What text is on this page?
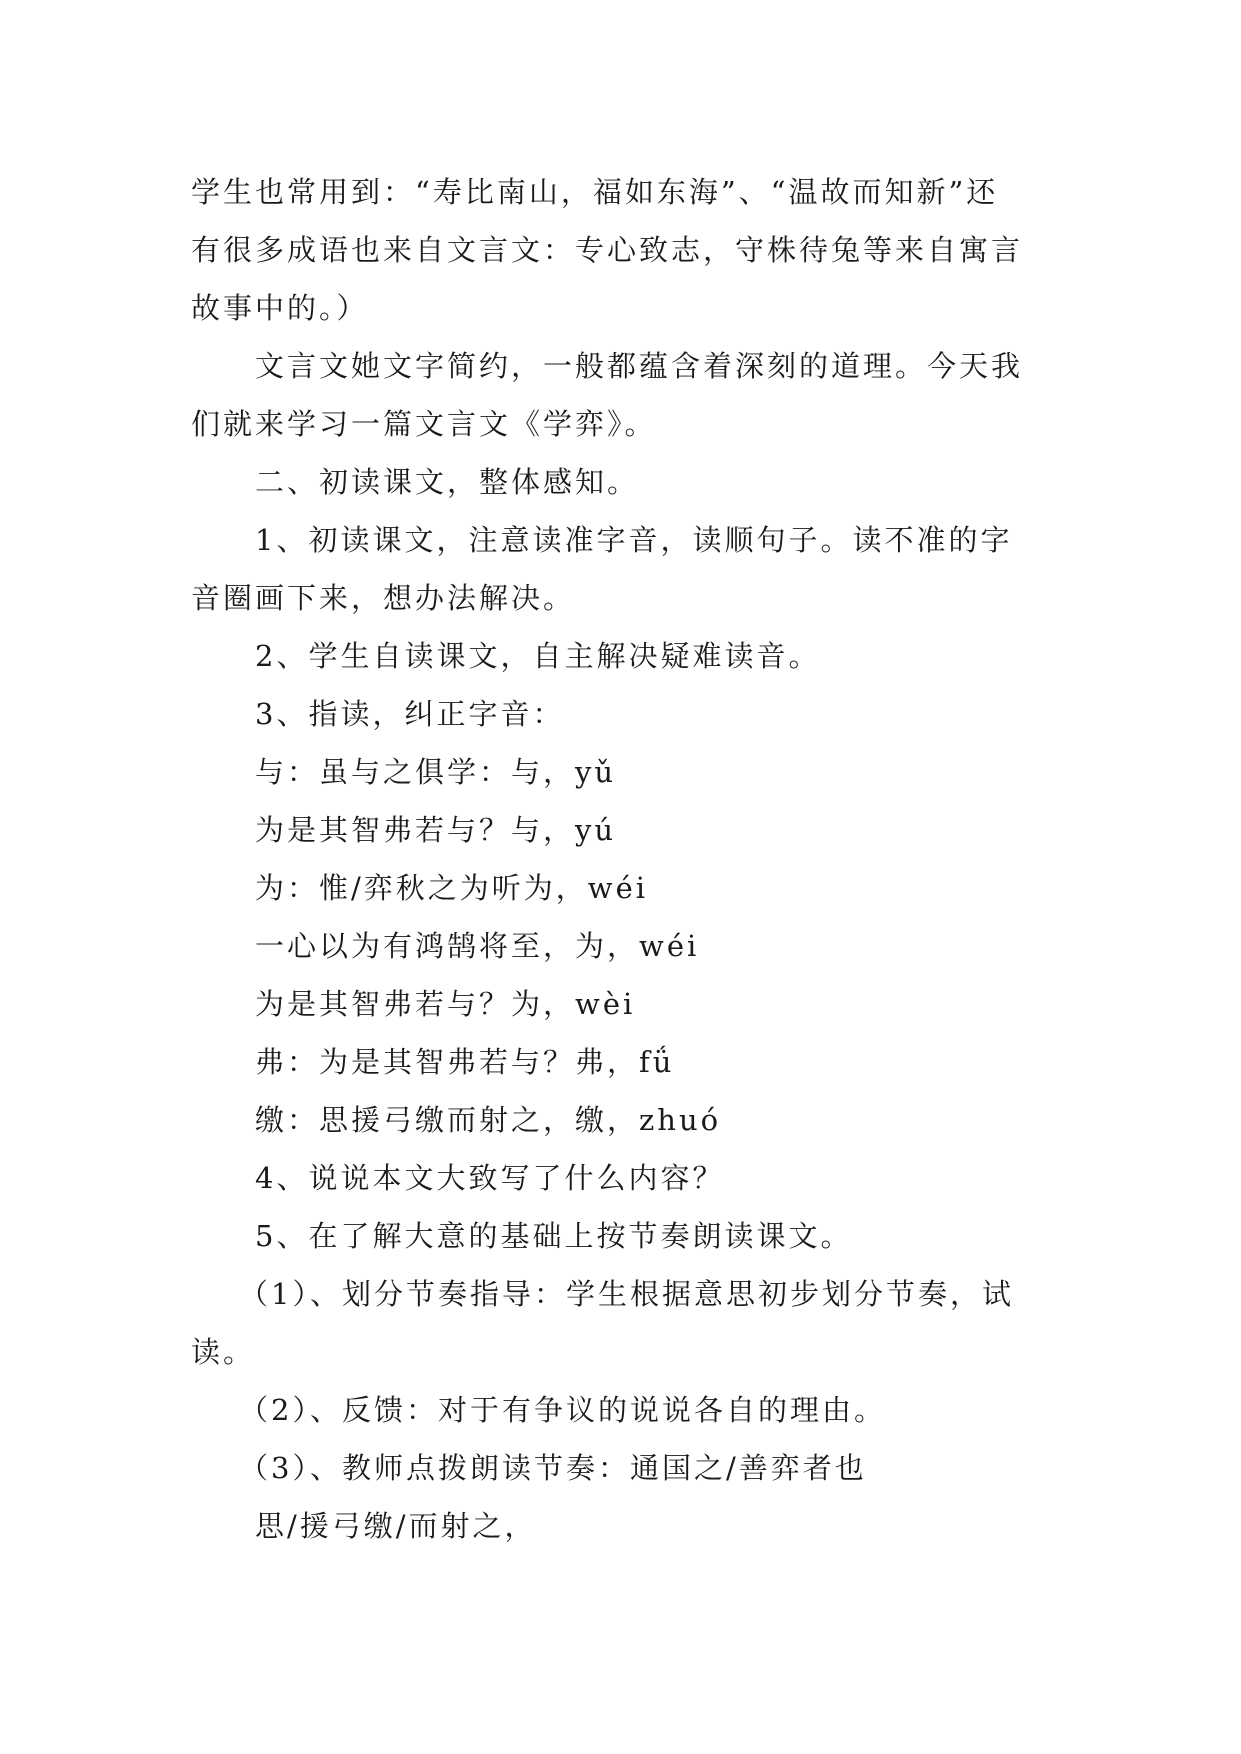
学生也常用到：“寿比南山，福如东海”、“温故而知新”还
有很多成语也来自文言文：专心致志，守株待兔等来自寓言
故事中的。）
文言文她文字简约，一般都蕴含着深刻的道理。今天我
们就来学习一篇文言文《学弈》。
二、初读课文，整体感知。
1、初读课文，注意读准字音，读顺句子。读不准的字
音圈画下来，想办法解决。
2、学生自读课文，自主解决疑难读音。
3、指读，纠正字音：
与：虽与之俱学：与，yǔ
为是其智弗若与？与，yú
为：惟/弈秋之为听为，wéi
一心以为有鸿鹄将至，为，wéi
为是其智弗若与？为，wèi
弗：为是其智弗若与？弗，fǘ
缴：思援弓缴而射之，缴，zhuó
4、说说本文大致写了什么内容？
5、在了解大意的基础上按节奏朗读课文。
（1）、划分节奏指导：学生根据意思初步划分节奏，试
读。
（2）、反馈：对于有争议的说说各自的理由。
（3）、教师点拨朗读节奏：通国之/善弈者也
思/援弓缴/而射之，
